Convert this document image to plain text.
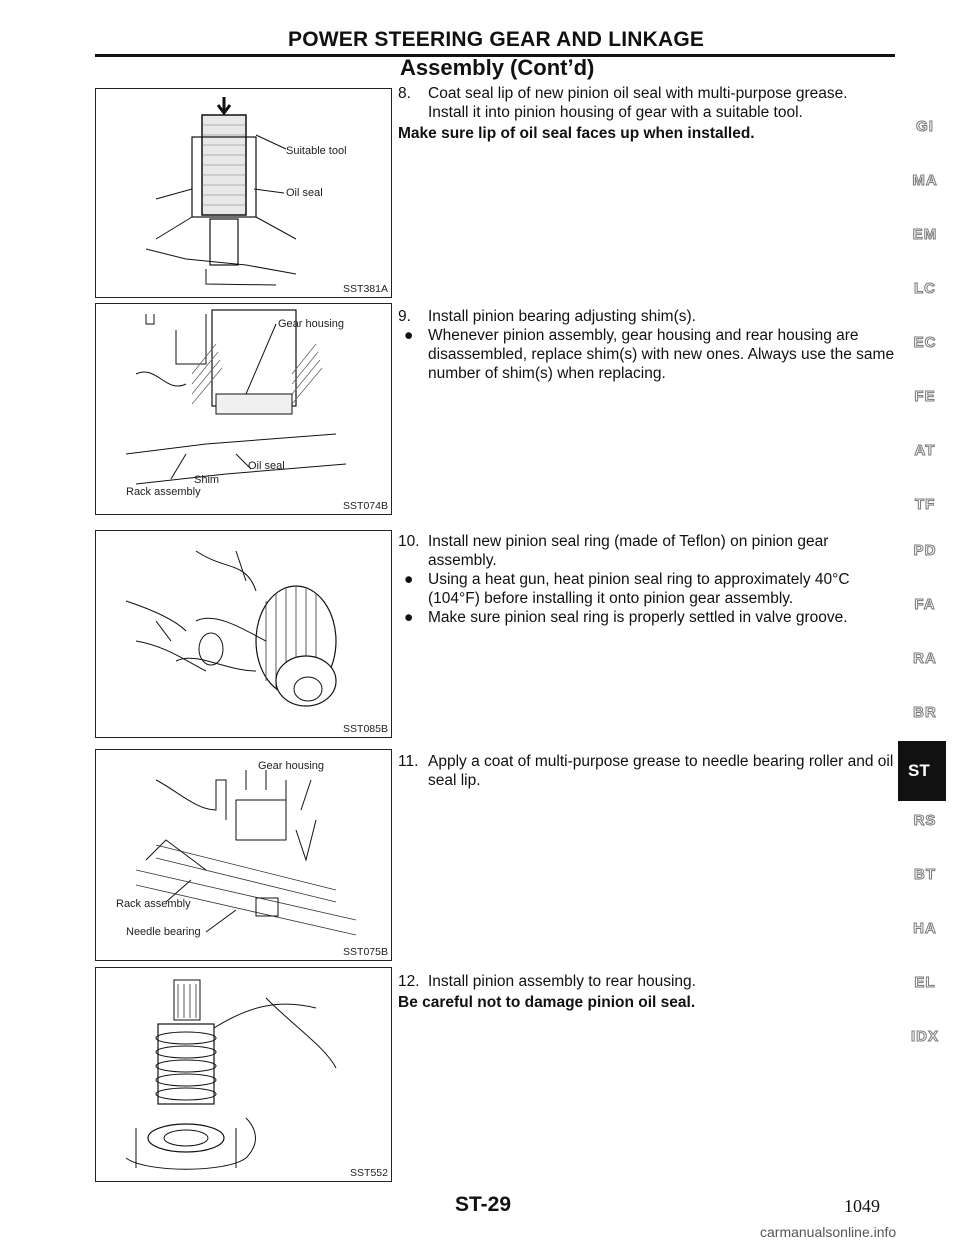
POWER STEERING GEAR AND LINKAGE
Assembly (Cont’d)
Suitable tool
Oil seal
SST381A
Gear housing
Oil seal
Shim
Rack assembly
SST074B
SST085B
Gear housing
Rack assembly
Needle bearing
SST075B
SST552
8. Coat seal lip of new pinion oil seal with multi-purpose grease.
Install it into pinion housing of gear with a suitable tool.
Make sure lip of oil seal faces up when installed.
9. Install pinion bearing adjusting shim(s).
● Whenever pinion assembly, gear housing and rear housing are disassembled, replace shim(s) with new ones. Always use the same number of shim(s) when replacing.
10. Install new pinion seal ring (made of Teflon) on pinion gear assembly.
● Using a heat gun, heat pinion seal ring to approximately 40°C (104°F) before installing it onto pinion gear assembly.
● Make sure pinion seal ring is properly settled in valve groove.
11. Apply a coat of multi-purpose grease to needle bearing roller and oil seal lip.
12. Install pinion assembly to rear housing.
Be careful not to damage pinion oil seal.
GI
MA
EM
LC
EC
FE
AT
TF
PD
FA
RA
BR
RS
BT
HA
EL
IDX
ST
ST-29	1049
carmanualsonline.info
